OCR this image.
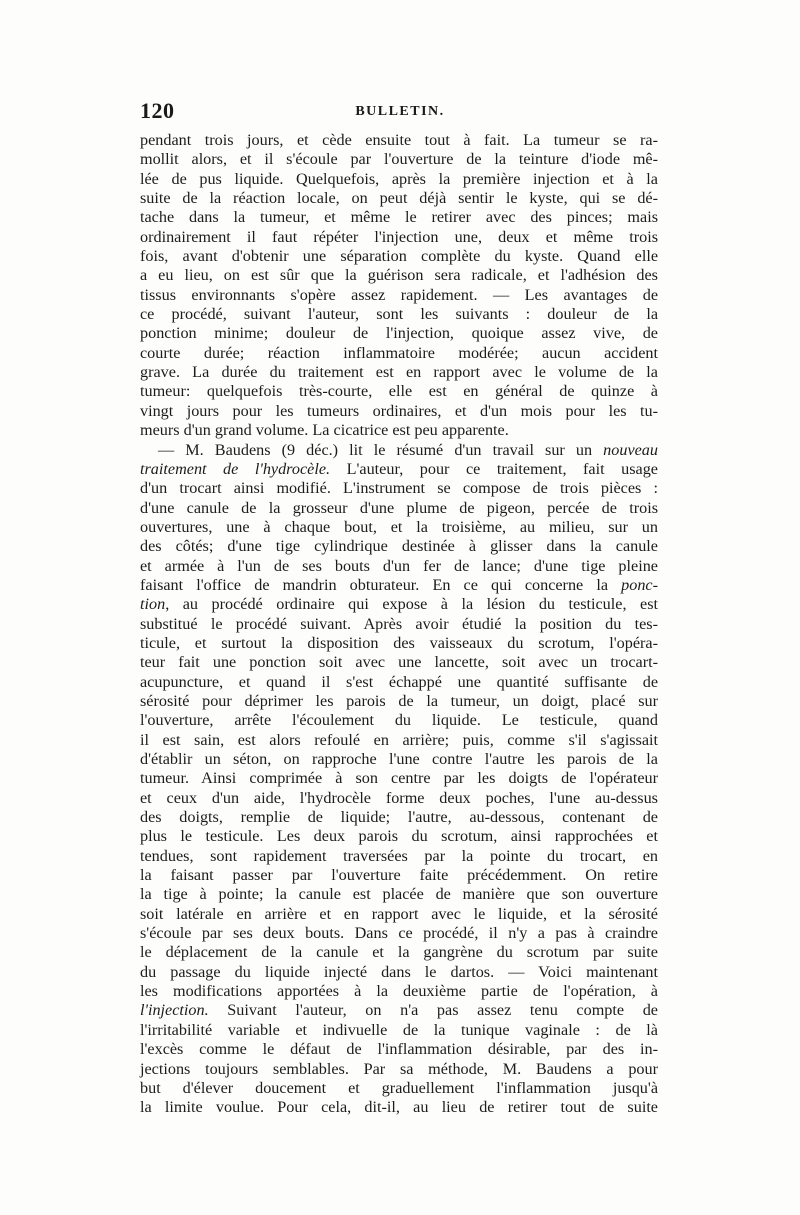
120	BULLETIN.
pendant trois jours, et cède ensuite tout à fait. La tumeur se ra-
mollit alors, et il s'écoule par l'ouverture de la teinture d'iode mê-
lée de pus liquide. Quelquefois, après la première injection et à la
suite de la réaction locale, on peut déjà sentir le kyste, qui se dé-
tache dans la tumeur, et même le retirer avec des pinces; mais
ordinairement il faut répéter l'injection une, deux et même trois
fois, avant d'obtenir une séparation complète du kyste. Quand elle
a eu lieu, on est sûr que la guérison sera radicale, et l'adhésion des
tissus environnants s'opère assez rapidement. — Les avantages de
ce procédé, suivant l'auteur, sont les suivants : douleur de la
ponction minime; douleur de l'injection, quoique assez vive, de
courte durée; réaction inflammatoire modérée; aucun accident
grave. La durée du traitement est en rapport avec le volume de la
tumeur: quelquefois très-courte, elle est en général de quinze à
vingt jours pour les tumeurs ordinaires, et d'un mois pour les tu-
meurs d'un grand volume. La cicatrice est peu apparente.
— M. Baudens (9 déc.) lit le résumé d'un travail sur un nouveau
traitement de l'hydrocèle. L'auteur, pour ce traitement, fait usage
d'un trocart ainsi modifié. L'instrument se compose de trois pièces :
d'une canule de la grosseur d'une plume de pigeon, percée de trois
ouvertures, une à chaque bout, et la troisième, au milieu, sur un
des côtés; d'une tige cylindrique destinée à glisser dans la canule
et armée à l'un de ses bouts d'un fer de lance; d'une tige pleine
faisant l'office de mandrin obturateur. En ce qui concerne la ponc-
tion, au procédé ordinaire qui expose à la lésion du testicule, est
substitué le procédé suivant. Après avoir étudié la position du tes-
ticule, et surtout la disposition des vaisseaux du scrotum, l'opéra-
teur fait une ponction soit avec une lancette, soit avec un trocart-
acupuncture, et quand il s'est échappé une quantité suffisante de
sérosité pour déprimer les parois de la tumeur, un doigt, placé sur
l'ouverture, arrête l'écoulement du liquide. Le testicule, quand
il est sain, est alors refoulé en arrière; puis, comme s'il s'agissait
d'établir un séton, on rapproche l'une contre l'autre les parois de la
tumeur. Ainsi comprimée à son centre par les doigts de l'opérateur
et ceux d'un aide, l'hydrocèle forme deux poches, l'une au-dessus
des doigts, remplie de liquide; l'autre, au-dessous, contenant de
plus le testicule. Les deux parois du scrotum, ainsi rapprochées et
tendues, sont rapidement traversées par la pointe du trocart, en
la faisant passer par l'ouverture faite précédemment. On retire
la tige à pointe; la canule est placée de manière que son ouverture
soit latérale en arrière et en rapport avec le liquide, et la sérosité
s'écoule par ses deux bouts. Dans ce procédé, il n'y a pas à craindre
le déplacement de la canule et la gangrène du scrotum par suite
du passage du liquide injecté dans le dartos. — Voici maintenant
les modifications apportées à la deuxième partie de l'opération, à
l'injection. Suivant l'auteur, on n'a pas assez tenu compte de
l'irritabilité variable et indivuelle de la tunique vaginale : de là
l'excès comme le défaut de l'inflammation désirable, par des in-
jections toujours semblables. Par sa méthode, M. Baudens a pour
but d'élever doucement et graduellement l'inflammation jusqu'à
la limite voulue. Pour cela, dit-il, au lieu de retirer tout de suite
